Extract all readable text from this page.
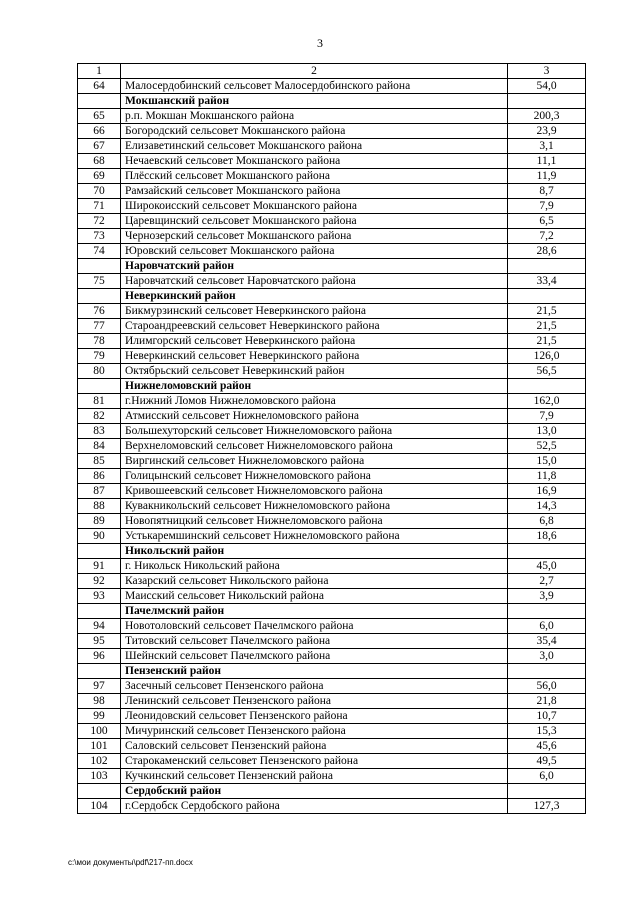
3
1	2	3
64	Малосердобинский сельсовет Малосердобинского района	54,0
	Мокшанский район	
65	р.п. Мокшан Мокшанского района	200,3
66	Богородский сельсовет Мокшанского района	23,9
67	Елизаветинский сельсовет Мокшанского района	3,1
68	Нечаевский сельсовет Мокшанского района	11,1
69	Плёсский сельсовет Мокшанского района	11,9
70	Рамзайский сельсовет Мокшанского района	8,7
71	Широкоисский сельсовет Мокшанского района	7,9
72	Царевщинский сельсовет Мокшанского района	6,5
73	Чернозерский сельсовет Мокшанского района	7,2
74	Юровский сельсовет Мокшанского района	28,6
	Наровчатский район	
75	Наровчатский сельсовет Наровчатского района	33,4
	Неверкинский район	
76	Бикмурзинский сельсовет Неверкинского района	21,5
77	Староандреевский сельсовет Неверкинского района	21,5
78	Илимгорский сельсовет Неверкинского района	21,5
79	Неверкинский сельсовет Неверкинского района	126,0
80	Октябрьский сельсовет Неверкинский район	56,5
	Нижнеломовский район	
81	г.Нижний Ломов Нижнеломовского района	162,0
82	Атмисский сельсовет Нижнеломовского района	7,9
83	Большехуторский сельсовет Нижнеломовского района	13,0
84	Верхнеломовский сельсовет Нижнеломовского района	52,5
85	Виргинский сельсовет Нижнеломовского района	15,0
86	Голицынский сельсовет Нижнеломовского района	11,8
87	Кривошеевский сельсовет Нижнеломовского района	16,9
88	Кувакникольский сельсовет Нижнеломовского района	14,3
89	Новопятницкий сельсовет Нижнеломовского района	6,8
90	Устькаремшинский сельсовет Нижнеломовского района	18,6
	Никольский район	
91	г. Никольск Никольский района	45,0
92	Казарский сельсовет Никольского района	2,7
93	Маисский сельсовет Никольский района	3,9
	Пачелмский район	
94	Новотоловский сельсовет Пачелмского района	6,0
95	Титовский сельсовет Пачелмского района	35,4
96	Шейнский сельсовет Пачелмского района	3,0
	Пензенский район	
97	Засечный сельсовет Пензенского района	56,0
98	Ленинский сельсовет Пензенского района	21,8
99	Леонидовский сельсовет Пензенского района	10,7
100	Мичуринский сельсовет Пензенского района	15,3
101	Саловский сельсовет Пензенский района	45,6
102	Старокаменский сельсовет Пензенского района	49,5
103	Кучкинский сельсовет Пензенский района	6,0
	Сердобский район	
104	г.Сердобск Сердобского района	127,3
c:\мои документы\pdf\217-пп.docx
